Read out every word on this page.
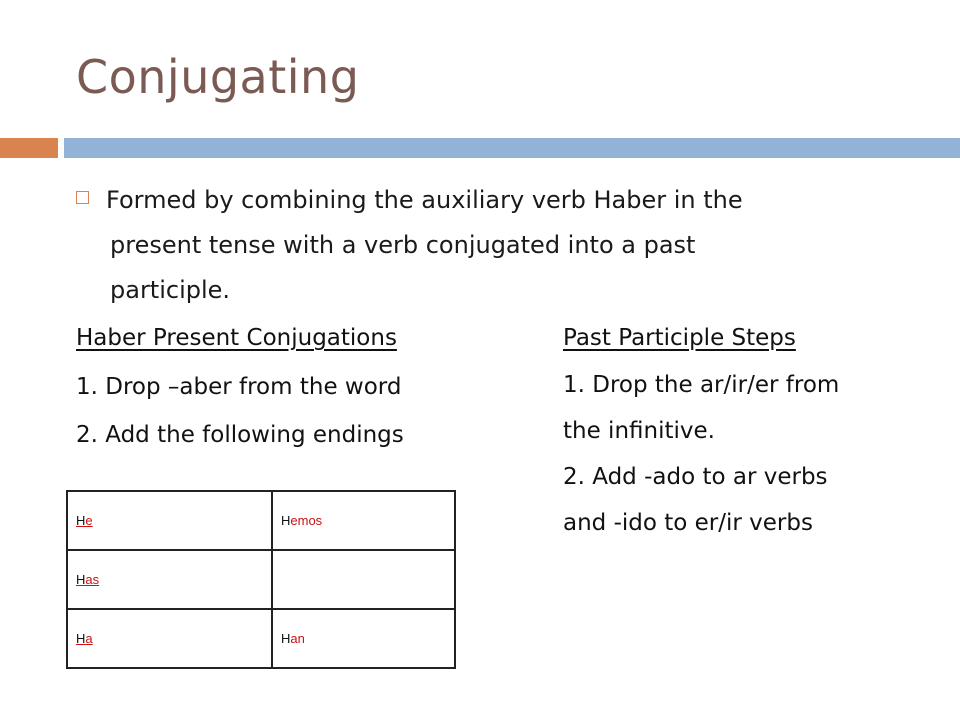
Conjugating
Formed by combining the auxiliary verb Haber in the
present tense with a verb conjugated into a past
participle.
Haber Present Conjugations
1. Drop –aber from the word
2. Add the following endings
Past Participle Steps
1. Drop the ar/ir/er from
the infinitive.
2. Add -ado to ar verbs
and -ido to er/ir verbs
He	Hemos
Has	
Ha	Han
